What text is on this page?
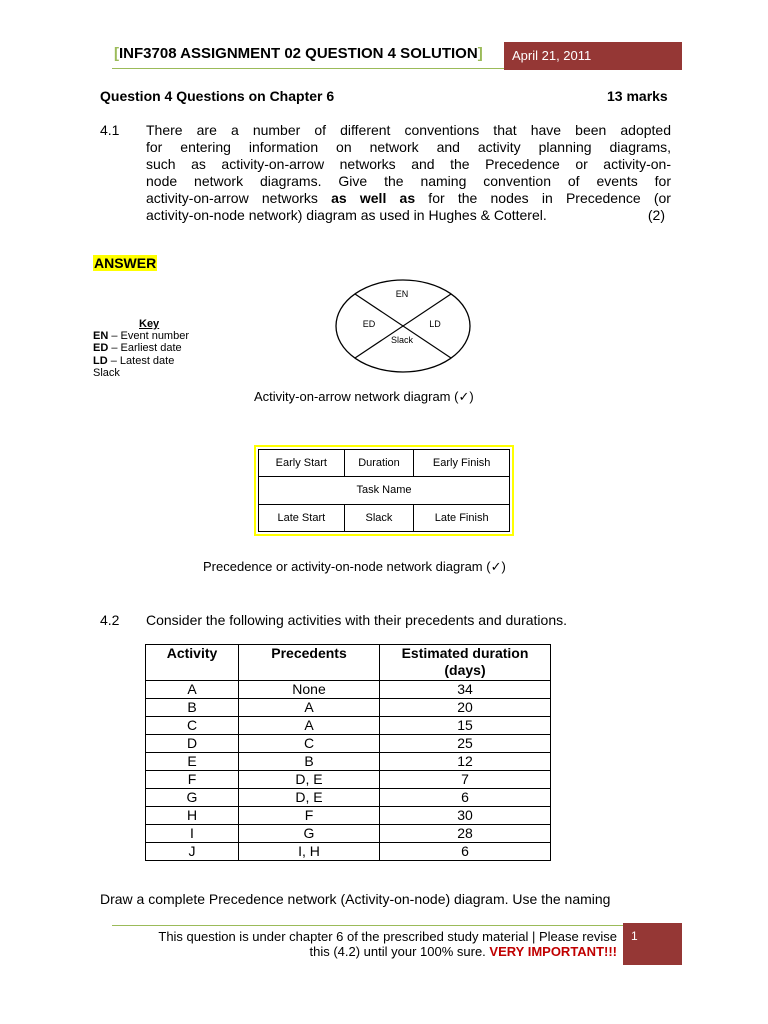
[INF3708 ASSIGNMENT 02 QUESTION 4 SOLUTION]	April 21, 2011
Question 4 Questions on Chapter 6	13 marks
4.1 There are a number of different conventions that have been adopted
for entering information on network and activity planning diagrams,
such as activity-on-arrow networks and the Precedence or activity-on-
node network diagrams. Give the naming convention of events for
activity-on-arrow networks as well as for the nodes in Precedence (or
activity-on-node network) diagram as used in Hughes & Cotterel.	(2)
ANSWER
Key
EN – Event number
ED – Earliest date
LD – Latest date
Slack
EN
ED	LD
Slack
Activity-on-arrow network diagram (✓)
Early Start	Duration	Early Finish
Task Name		
Late Start	Slack	Late Finish
Precedence or activity-on-node network diagram (✓)
4.2 Consider the following activities with their precedents and durations.
Activity	Precedents	Estimated duration (days)
A	None	34
B	A	20
C	A	15
D	C	25
E	B	12
F	D, E	7
G	D, E	6
H	F	30
I	G	28
J	I, H	6
Draw a complete Precedence network (Activity-on-node) diagram. Use the naming
This question is under chapter 6 of the prescribed study material | Please revise
this (4.2) until your 100% sure. VERY IMPORTANT!!!
1
